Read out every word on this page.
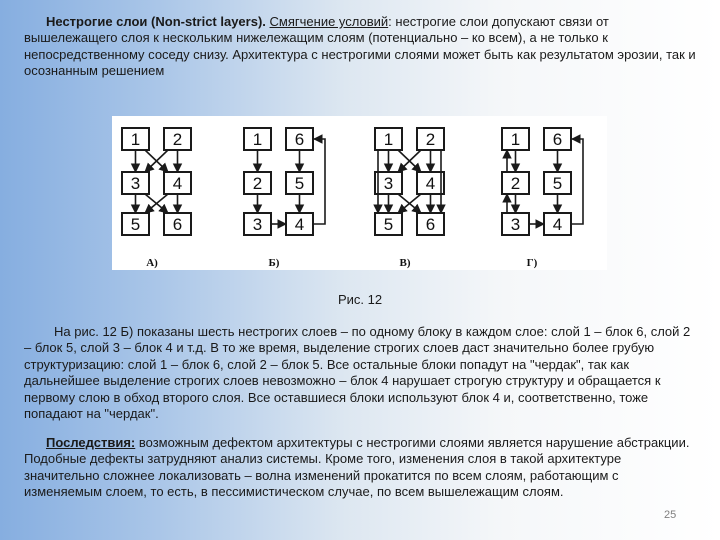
Нестрогие слои (Non-strict layers). Смягчение условий: нестрогие слои допускают связи от вышележащего слоя к нескольким нижележащим слоям (потенциально – ко всем), а не только к непосредственному соседу снизу. Архитектура с нестрогими слоями может быть как результатом эрозии, так и осознанным решением

1 2
3 4
5 6
А)
1 6
2 5
3 4
Б)
1 2
3 4
5 6
В)
1 6
2 5
3 4
Г)
Рис. 12

На рис. 12 Б) показаны шесть нестрогих слоев – по одному блоку в каждом слое: слой 1 – блок 6, слой 2 – блок 5, слой 3 – блок 4 и т.д. В то же время, выделение строгих слоев даст значительно более грубую структуризацию: слой 1 – блок 6, слой 2 – блок 5. Все остальные блоки попадут на "чердак", так как дальнейшее выделение строгих слоев невозможно – блок 4 нарушает строгую структуру и обращается к первому слою в обход второго слоя. Все оставшиеся блоки используют блок 4 и, соответственно, тоже попадают на "чердак".

Последствия: возможным дефектом архитектуры с нестрогими слоями является нарушение абстракции. Подобные дефекты затрудняют анализ системы. Кроме того, изменения слоя в такой архитектуре значительно сложнее локализовать – волна изменений прокатится по всем слоям, работающим с изменяемым слоем, то есть, в пессимистическом случае, по всем вышележащим слоям.

25
